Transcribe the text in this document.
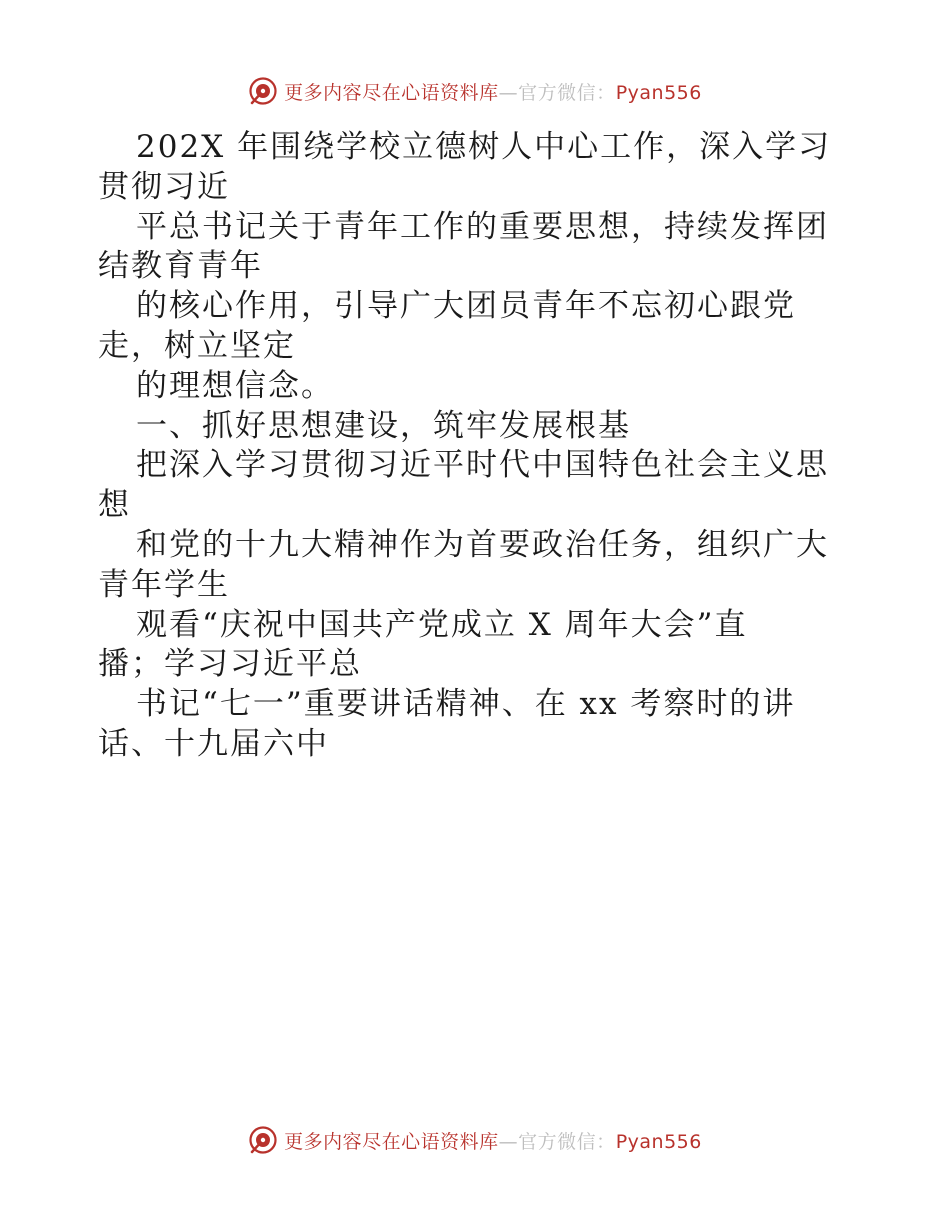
更多内容尽在心语资料库—官方微信：Pyan556
202X 年围绕学校立德树人中心工作，深入学习
贯彻习近
平总书记关于青年工作的重要思想，持续发挥团
结教育青年
的核心作用，引导广大团员青年不忘初心跟党
走，树立坚定
的理想信念。
一、抓好思想建设，筑牢发展根基
把深入学习贯彻习近平时代中国特色社会主义思
想
和党的十九大精神作为首要政治任务，组织广大
青年学生
观看“庆祝中国共产党成立 X 周年大会”直
播；学习习近平总
书记“七一”重要讲话精神、在 xx 考察时的讲
话、十九届六中
更多内容尽在心语资料库—官方微信：Pyan556
